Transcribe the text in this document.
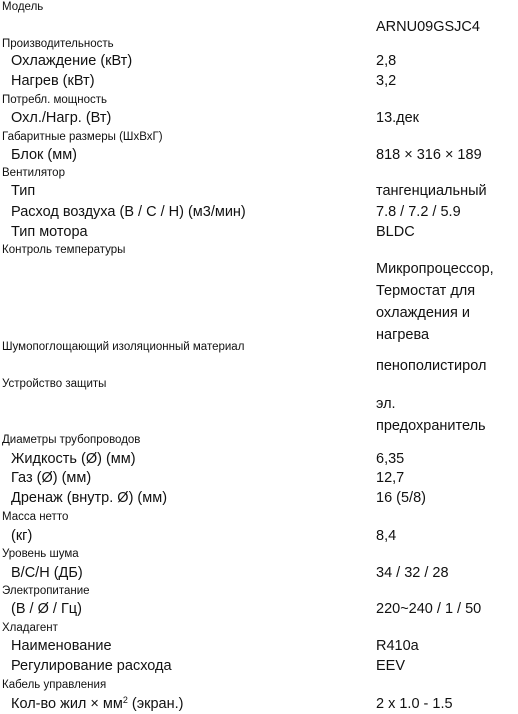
Модель
ARNU09GSJC4
Производительность
Охлаждение (кВт)	2,8
Нагрев (кВт)	3,2
Потребл. мощность
Охл./Нагр. (Вт)	13.дек
Габаритные размеры (ШхВхГ)
Блок (мм)	818 × 316 × 189
Вентилятор
Тип	тангенциальный
Расход воздуха (В / С / Н) (м3/мин)	7.8 / 7.2 / 5.9
Тип мотора	BLDC
Контроль температуры
Микропроцессор,
Термостат для
охлаждения и
нагрева
Шумопоглощающий изоляционный материал
пенополистирол
Устройство защиты
эл.
предохранитель
Диаметры трубопроводов
Жидкость (Ø) (мм)	6,35
Газ (Ø) (мм)	12,7
Дренаж (внутр. Ø) (мм)	16 (5/8)
Масса нетто
(кг)	8,4
Уровень шума
В/С/Н (ДБ)	34 / 32 / 28
Электропитание
(В / Ø / Гц)	220~240 / 1 / 50
Хладагент
Наименование	R410a
Регулирование расхода	EEV
Кабель управления
Кол-во жил × $мм^2$ (экран.)	2 x 1.0 - 1.5
